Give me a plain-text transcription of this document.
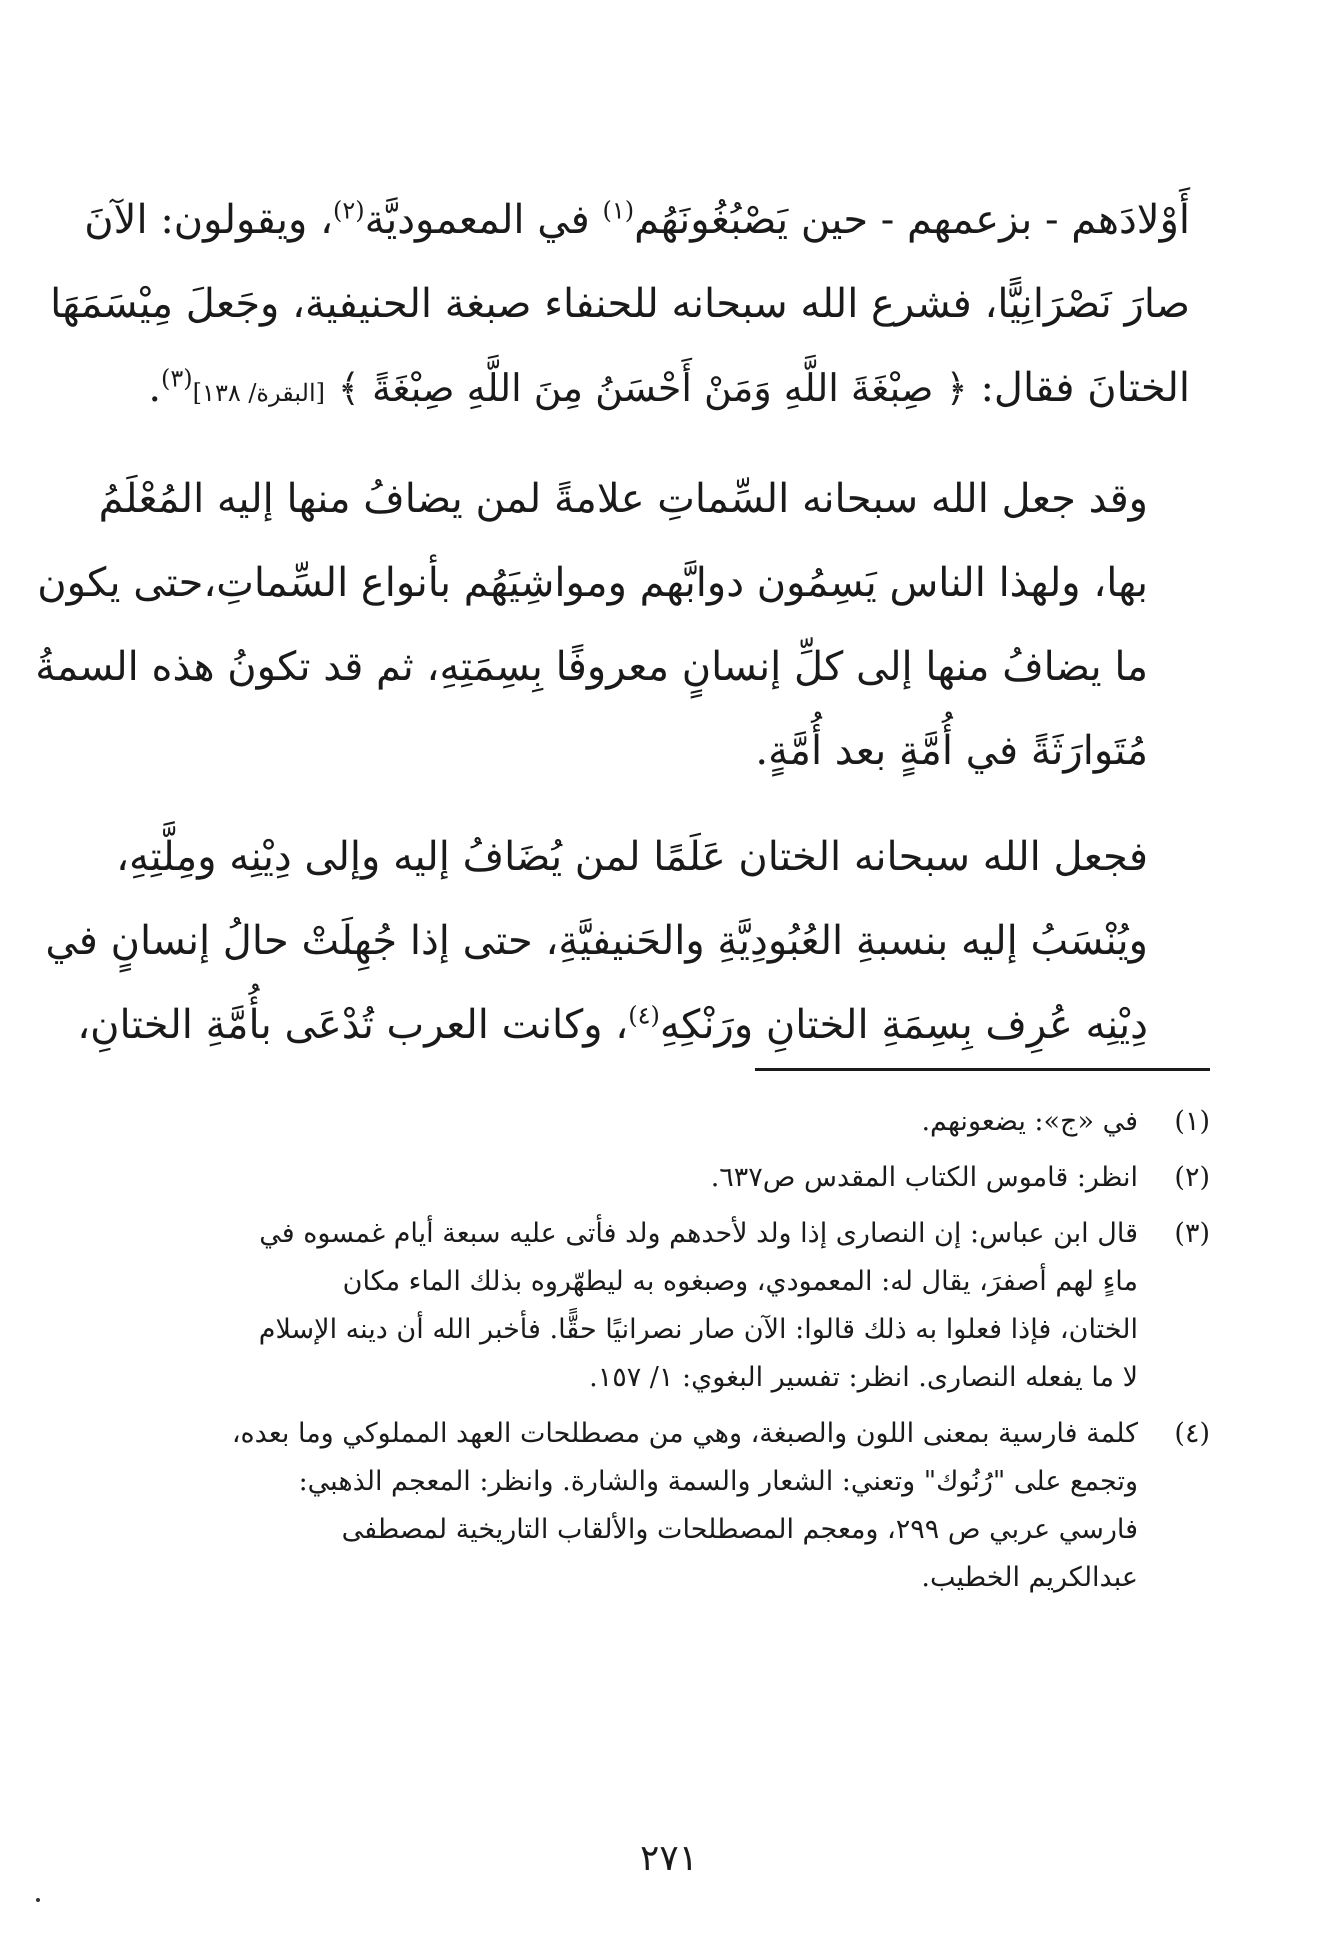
أَوْلادَهم - بزعمهم - حين يَصْبُغُونَهُم$^{(١)}$ في المعموديَّة$^{(٢)}$، ويقولون: الآنَ
صارَ نَصْرَانِيًّا، فشرع الله سبحانه للحنفاء صبغة الحنيفية، وجَعلَ مِيْسَمَهَا
الختانَ فقال: ﴿ صِبْغَةَ اللَّهِ وَمَنْ أَحْسَنُ مِنَ اللَّهِ صِبْغَةً ﴾ [البقرة/ ١٣٨]$^{(٣)}$.

وقد جعل الله سبحانه السِّماتِ علامةً لمن يضافُ منها إليه المُعْلَمُ
بها، ولهذا الناس يَسِمُون دوابَّهم ومواشِيَهُم بأنواع السِّماتِ،حتى يكون
ما يضافُ منها إلى كلِّ إنسانٍ معروفًا بِسِمَتِهِ، ثم قد تكونُ هذه السمةُ
مُتَوارَثَةً في أُمَّةٍ بعد أُمَّةٍ.

فجعل الله سبحانه الختان عَلَمًا لمن يُضَافُ إليه وإلى دِيْنِه ومِلَّتِهِ،
ويُنْسَبُ إليه بنسبةِ العُبُودِيَّةِ والحَنيفيَّةِ، حتى إذا جُهِلَتْ حالُ إنسانٍ في
دِيْنِه عُرِف بِسِمَةِ الختانِ ورَنْكِهِ$^{(٤)}$، وكانت العرب تُدْعَى بأُمَّةِ الختانِ،

(١)
في «ج»: يضعونهم.
(٢)
انظر: قاموس الكتاب المقدس ص٦٣٧.
(٣)
قال ابن عباس: إن النصارى إذا ولد لأحدهم ولد فأتى عليه سبعة أيام غمسوه في
ماءٍ لهم أصفرَ، يقال له: المعمودي، وصبغوه به ليطهّروه بذلك الماء مكان
الختان، فإذا فعلوا به ذلك قالوا: الآن صار نصرانيًا حقًّا. فأخبر الله أن دينه الإسلام
لا ما يفعله النصارى. انظر: تفسير البغوي: ١/ ١٥٧.
(٤)
كلمة فارسية بمعنى اللون والصبغة، وهي من مصطلحات العهد المملوكي وما بعده،
وتجمع على "رُنُوك" وتعني: الشعار والسمة والشارة. وانظر: المعجم الذهبي:
فارسي عربي ص ٢٩٩، ومعجم المصطلحات والألقاب التاريخية لمصطفى
عبدالكريم الخطيب.
٢٧١
